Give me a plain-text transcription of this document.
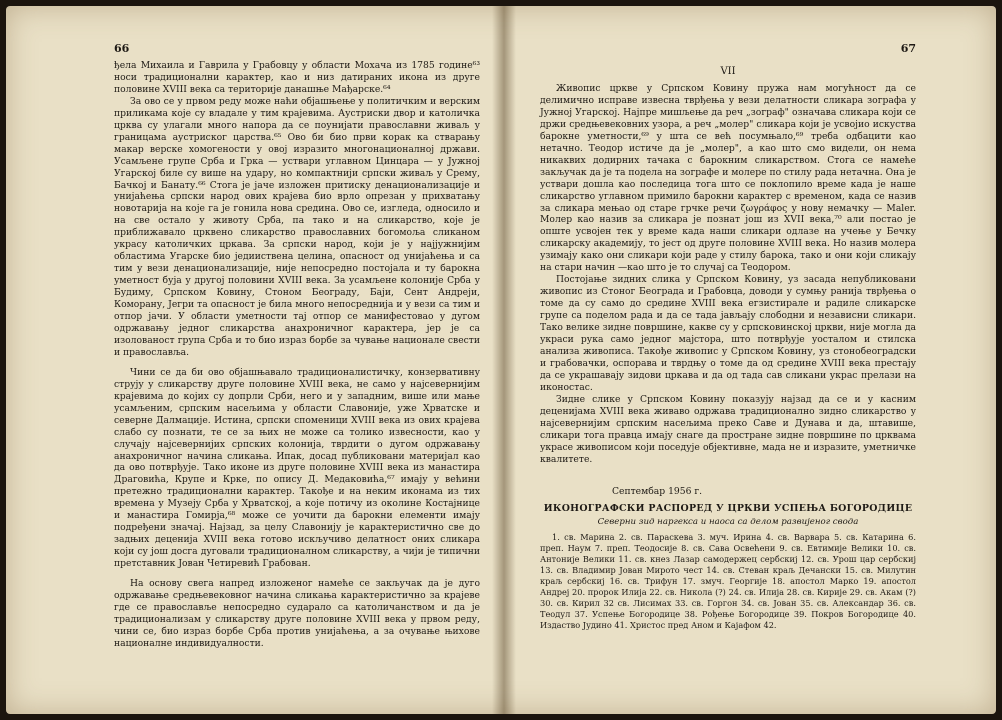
66

ђела Михаила и Гаврила у Грабовцу у области Мохача из 1785 године⁶³ носи традиционални карактер, као и низ датираних икона из друге половине XVIII века са територије данашње Мађарске.⁶⁴

За ово се у првом реду може наћи објашњење у политичким и верским приликама које су владале у тим крајевима. Аустриски двор и католичка црква су улагали много напора да се поунијати православни живаљ у границама аустриског царства.⁶⁵ Ово би био први корак ка стварању макар верске хомогености у овој изразито многонационалној држави. Усамљене групе Срба и Грка — устваpи углавном Цинцара — у Јужној Угарској биле су више на удару, но компактнији српски живаљ у Срему, Бачкој и Банату.⁶⁶ Стога је јаче изложен притиску денационализације и унијаћења српски народ ових крајева био врло опрезан у прихватању новотарија на које га је гонила нова средина. Ово се, изгледа, односило и на све остало у животу Срба, па тако и на сликарство, које је приближавало црквено сликарство православних богомоља сликаном украсу католичких цркава. За српски народ, који је у најјужнијим областима Угарске био једииствена целина, опасност од унијаћења и са тим у вези денационализације, није непосредно постојала и ту барокна уметност буја у другој половини XVIII века. За усамљене колоније Срба у Будиму, Српском Ковину, Стоном Београду, Баји, Сент Андреји, Коморану, Јегри та опасност је била много непосреднија и у вези са тим и отпор јачи. У области уметности тај отпор се манифестовао у дугом одржавању једног сликарства анахроничног карактера, јер је са изолованост група Срба и то био израз борбе за чување национале свести и православља.

Чини се да би ово објашњавало традиционалистичку, конзервативну струју у сликарству друге половине XVIII века, не само у најсевернијим крајевима до којих су допрли Срби, него и у западним, више или мање усамљеним, српским насељима у области Славоније, уже Хрватске и северне Далмације. Истина, српски споменици XVIII века из ових крајева слабо су познати, те се за њих не може са толико извесности, као у случају најсевернијих српских колонија, тврдити о дугом одржавању анахроничног начина сликања. Ипак, досад публиковани материјал као да ово потврђује. Тако иконе из друге половине XVIII века из манастира Драговића, Крупе и Крке, по опису Д. Медаковића,⁶⁷ имају у већини претежно традиционални карактер. Такође и на неким иконама из тих времена у Музеју Срба у Хрватској, а које потичу из околине Костајнице и манастира Гомирја,⁶⁸ може се уочити да барокни елементи имају подређени значај. Најзад, за целу Славонију је карактеристично све до задњих деценија XVIII века готово искључиво делатност оних сликара који су још досга дуговали традиционалном сликарству, а чији је типични претставник Јован Четиревић Грабован.

На основу свега напред изложеног намеће се закључак да је дуго одржавање средњевековног начина сликања карактеристично за крајеве где се православље непосредно сударало са католичанством и да је традиционализам у сликарству друге половине XVIII века у првом реду, чини се, био израз борбе Срба против унијаћења, а за очување њихове националне индивидуалности.

67
VII

Живопис цркве у Српском Ковину пружа нам могућност да се делимично исправе извесна тврђења у вези делатности сликара зографа у Јужној Угарској. Најпре мишљење да реч „зограф" означава сликара који се држи средњевековних узора, а реч „молер" сликара који је усвојио искуства барокне уметности,⁶⁹ у шта се већ посумњало,⁶⁹ треба одбацити као нетачно. Теодор истиче да је „молер", а као што смо видели, он нема никаквих додирних тачака с барокним сликарством. Стога се намеће закључак да је та подела на зографе и молере по стилу рада нетачна. Она је устваpи дошла као последица тога што се поклопило време када је наше сликарство углавном примило барокни карактер с временом, када се назив за сликара мењао од старе грчке речи ζωγράφος у нову немачку — Maler. Молер као назив за сликара је познат још из XVII века,⁷⁰ али постао је опште усвојен тек у време када наши сликари одлазе на учење у Бечку сликарску академију, то јест од друге половине XVIII века. Но назив молера узимају како они сликари који раде у стилу барока, тако и они који сликају на стари начин —као што је то случај са Теодором.

Постојање зидних слика у Српском Ковину, уз засада непубликовани живопис из Стоног Београда и Грабовца, доводи у сумњу ранија тврђења о томе да су само до средине XVIII века егзистирале и радиле сликарске групе са поделом рада и да се тада јављају слободни и независни сликари. Тако велике зидне површине, какве су у српсковинској цркви, није могла да украси рука само једног мајстора, што потврђује уосталом и стилска анализа живописа. Такође живопис у Српском Ковину, уз стонобеоградски и грабовачки, оспорава и тврдњу о томе да од средине XVIII века престају да се украшавају зидови цркава и да од тада сав сликани украс прелази на иконостас.

Зидне слике у Српском Ковину показују најзад да се и у касним деценијама XVIII века живаво одржава традиционално зидно сликарство у најсевернијим српским насељима преко Саве и Дунава и да, штавише, сликари тога правца имају снаге да простране зидне површине по црквама украсе живописом који поседује објективне, мада не и изразите, уметничке квалитете.

Септембар 1956 г.
ИКОНОГРАФСКИ РАСПОРЕД У ЦРКВИ УСПЕЊА БОГОРОДИЦЕ
Северни зид наргекса и наоса са делом развијеног свода

1. св. Марина 2. св. Параскева 3. муч. Ирина 4. св. Варвара 5. св. Катарина 6. преп. Наум 7. преп. Теодосије 8. св. Сава Освећени 9. св. Евтимије Велики 10. св. Антоније Велики 11. св. кнез Лазар самодержец сербскиј 12. св. Урош цар сербскиј 13. св. Владимир Јован Мирото чест 14. св. Стеван краљ Дечански 15. св. Милутин краљ сербскиј 16. св. Трифун 17. змуч. Георгије 18. апостол Марко 19. апостол Андреј 20. пророк Илија 22. св. Никола (?) 24. св. Илија 28. св. Кирије 29. св. Акам (?) 30. св. Кирил 32 св. Лисимах 33. св. Горгон 34. св. Јован 35. св. Александар 36. св. Теодул 37. Успење Богородице 38. Рођење Богородице 39. Покров Богородице 40. Издаство Јудино 41. Христос пред Аном и Кајафом 42.
